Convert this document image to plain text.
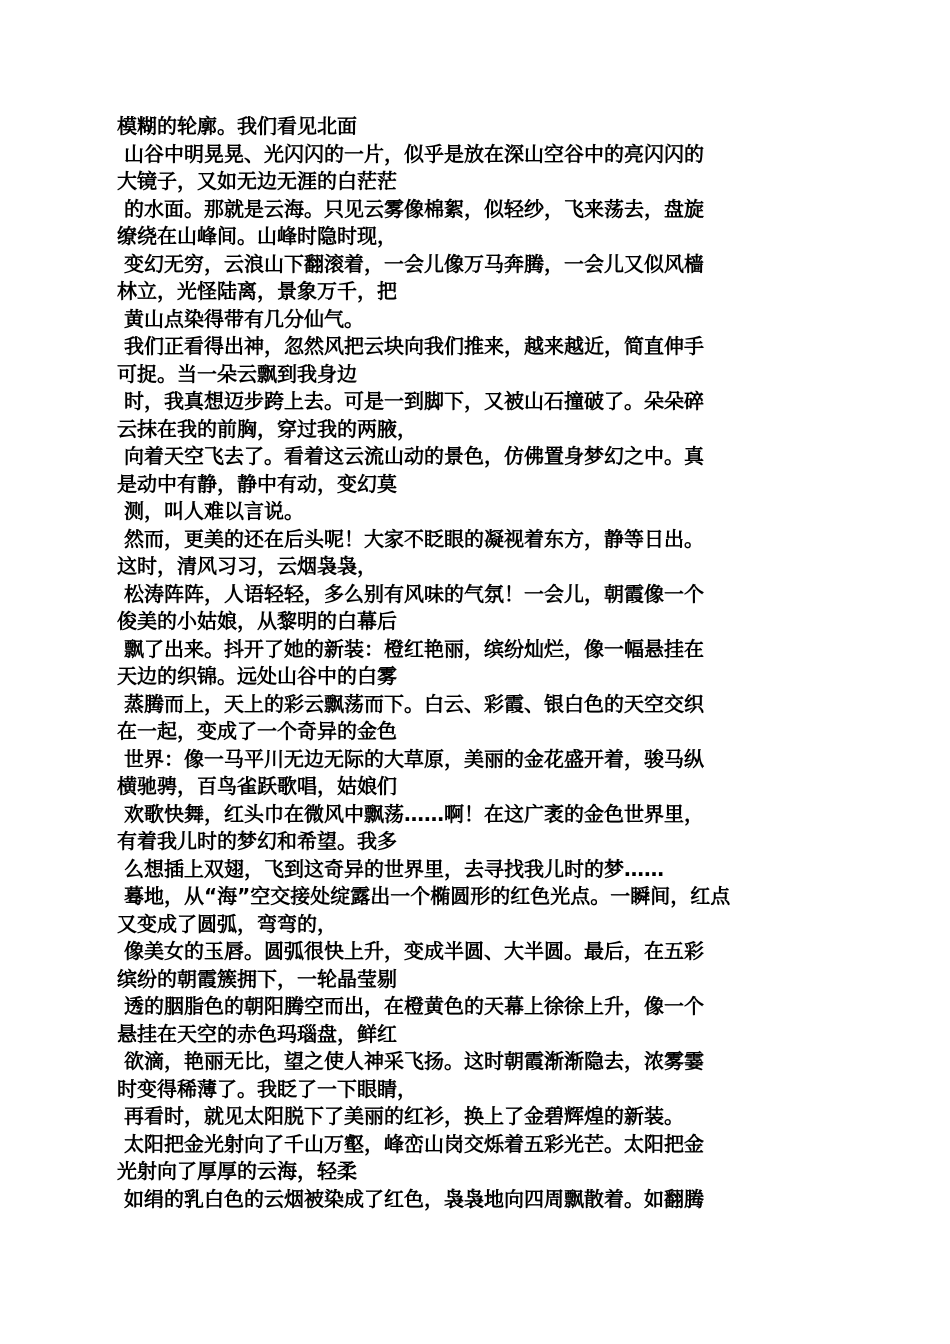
模糊的轮廓。我们看见北面
山谷中明晃晃、光闪闪的一片，似乎是放在深山空谷中的亮闪闪的
大镜子，又如无边无涯的白茫茫
的水面。那就是云海。只见云雾像棉絮，似轻纱，飞来荡去，盘旋
缭绕在山峰间。山峰时隐时现，
变幻无穷，云浪山下翻滚着，一会儿像万马奔腾，一会儿又似风樯
林立，光怪陆离，景象万千，把
黄山点染得带有几分仙气。
我们正看得出神，忽然风把云块向我们推来，越来越近，简直伸手
可捉。当一朵云飘到我身边
时，我真想迈步跨上去。可是一到脚下，又被山石撞破了。朵朵碎
云抹在我的前胸，穿过我的两腋，
向着天空飞去了。看着这云流山动的景色，仿佛置身梦幻之中。真
是动中有静，静中有动，变幻莫
测，叫人难以言说。
然而，更美的还在后头呢！大家不眨眼的凝视着东方，静等日出。
这时，清风习习，云烟袅袅，
松涛阵阵，人语轻轻，多么别有风味的气氛！一会儿，朝霞像一个
俊美的小姑娘，从黎明的白幕后
飘了出来。抖开了她的新装：橙红艳丽，缤纷灿烂，像一幅悬挂在
天边的织锦。远处山谷中的白雾
蒸腾而上，天上的彩云飘荡而下。白云、彩霞、银白色的天空交织
在一起，变成了一个奇异的金色
世界：像一马平川无边无际的大草原，美丽的金花盛开着，骏马纵
横驰骋，百鸟雀跃歌唱，姑娘们
欢歌快舞，红头巾在微风中飘荡……啊！在这广袤的金色世界里，
有着我儿时的梦幻和希望。我多
么想插上双翅，飞到这奇异的世界里，去寻找我儿时的梦……
蓦地，从“海”空交接处绽露出一个椭圆形的红色光点。一瞬间，红点
又变成了圆弧，弯弯的，
像美女的玉唇。圆弧很快上升，变成半圆、大半圆。最后，在五彩
缤纷的朝霞簇拥下，一轮晶莹剔
透的胭脂色的朝阳腾空而出，在橙黄色的天幕上徐徐上升，像一个
悬挂在天空的赤色玛瑙盘，鲜红
欲滴，艳丽无比，望之使人神采飞扬。这时朝霞渐渐隐去，浓雾霎
时变得稀薄了。我眨了一下眼睛，
再看时，就见太阳脱下了美丽的红衫，换上了金碧辉煌的新装。
太阳把金光射向了千山万壑，峰峦山岗交烁着五彩光芒。太阳把金
光射向了厚厚的云海，轻柔
如绢的乳白色的云烟被染成了红色，袅袅地向四周飘散着。如翻腾
